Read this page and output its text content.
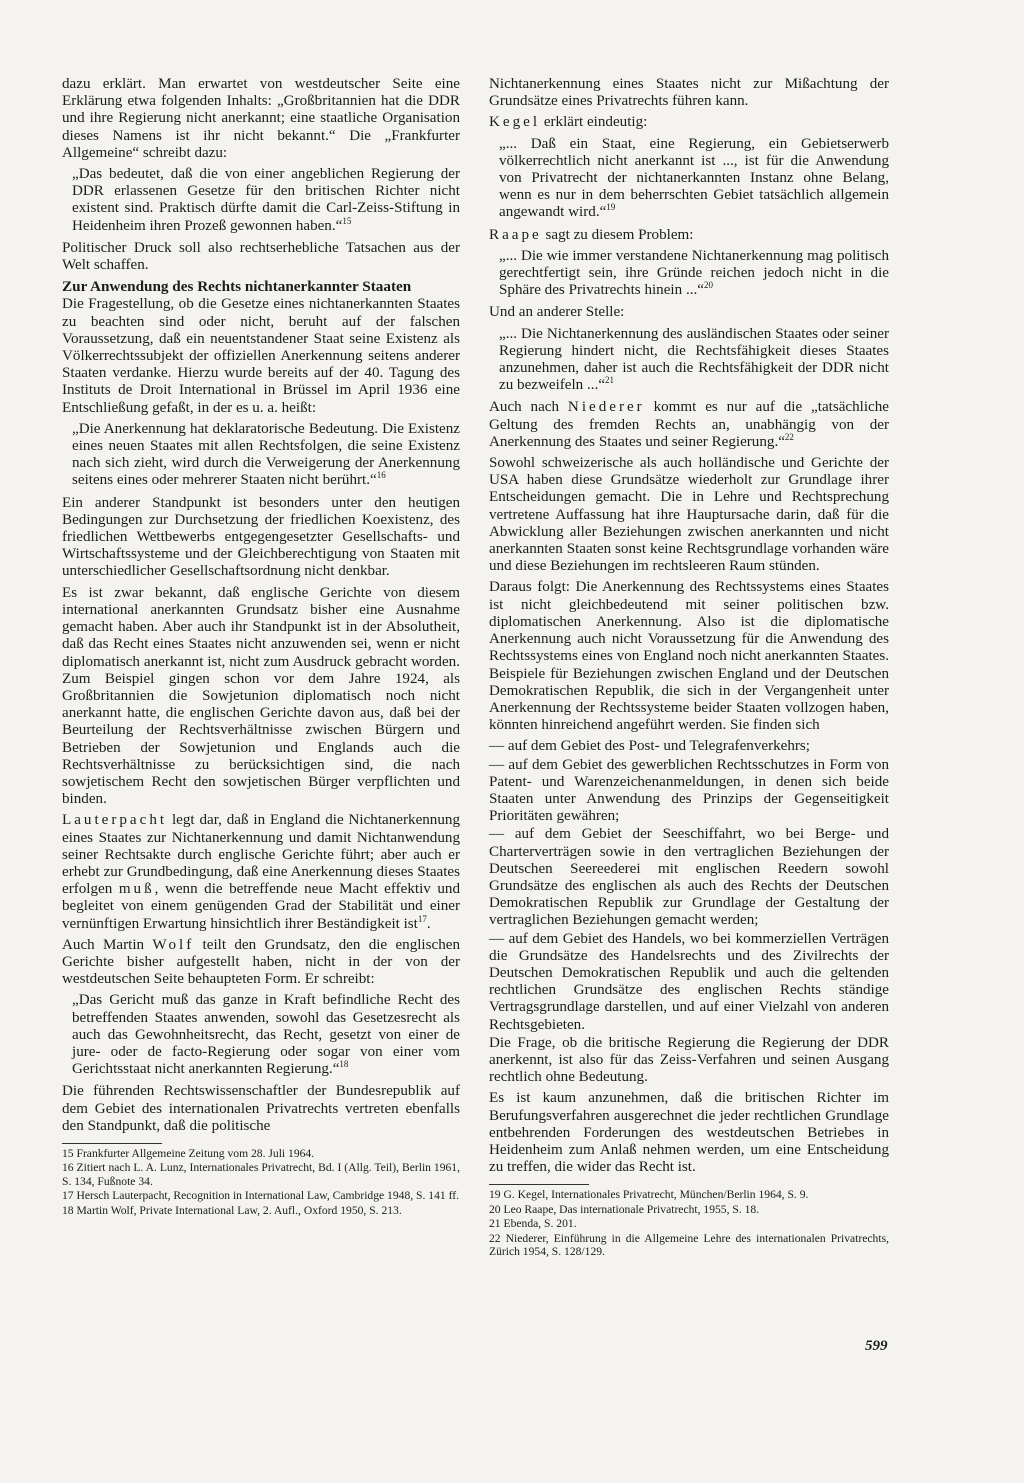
dazu erklärt. Man erwartet von westdeutscher Seite eine Erklärung etwa folgenden Inhalts: „Großbritannien hat die DDR und ihre Regierung nicht anerkannt; eine staatliche Organisation dieses Namens ist ihr nicht bekannt.“ Die „Frankfurter Allgemeine“ schreibt dazu:

„Das bedeutet, daß die von einer angeblichen Regierung der DDR erlassenen Gesetze für den britischen Richter nicht existent sind. Praktisch dürfte damit die Carl-Zeiss-Stiftung in Heidenheim ihren Prozeß gewonnen haben.“$^{15}$

Politischer Druck soll also rechtserhebliche Tatsachen aus der Welt schaffen.

Zur Anwendung des Rechts nichtanerkannter Staaten

Die Fragestellung, ob die Gesetze eines nichtanerkannten Staates zu beachten sind oder nicht, beruht auf der falschen Voraussetzung, daß ein neuentstandener Staat seine Existenz als Völkerrechtssubjekt der offiziellen Anerkennung seitens anderer Staaten verdanke. Hierzu wurde bereits auf der 40. Tagung des Instituts de Droit International in Brüssel im April 1936 eine Entschließung gefaßt, in der es u. a. heißt:

„Die Anerkennung hat deklaratorische Bedeutung. Die Existenz eines neuen Staates mit allen Rechtsfolgen, die seine Existenz nach sich zieht, wird durch die Verweigerung der Anerkennung seitens eines oder mehrerer Staaten nicht berührt.“$^{16}$

Ein anderer Standpunkt ist besonders unter den heutigen Bedingungen zur Durchsetzung der friedlichen Koexistenz, des friedlichen Wettbewerbs entgegengesetzter Gesellschafts- und Wirtschaftssysteme und der Gleichberechtigung von Staaten mit unterschiedlicher Gesellschaftsordnung nicht denkbar.

Es ist zwar bekannt, daß englische Gerichte von diesem international anerkannten Grundsatz bisher eine Ausnahme gemacht haben. Aber auch ihr Standpunkt ist in der Absolutheit, daß das Recht eines Staates nicht anzuwenden sei, wenn er nicht diplomatisch anerkannt ist, nicht zum Ausdruck gebracht worden. Zum Beispiel gingen schon vor dem Jahre 1924, als Großbritannien die Sowjetunion diplomatisch noch nicht anerkannt hatte, die englischen Gerichte davon aus, daß bei der Beurteilung der Rechtsverhältnisse zwischen Bürgern und Betrieben der Sowjetunion und Englands auch die Rechtsverhältnisse zu berücksichtigen sind, die nach sowjetischem Recht den sowjetischen Bürger verpflichten und binden.

Lauterpacht legt dar, daß in England die Nichtanerkennung eines Staates zur Nichtanerkennung und damit Nichtanwendung seiner Rechtsakte durch englische Gerichte führt; aber auch er erhebt zur Grundbedingung, daß eine Anerkennung dieses Staates erfolgen muß, wenn die betreffende neue Macht effektiv und begleitet von einem genügenden Grad der Stabilität und einer vernünftigen Erwartung hinsichtlich ihrer Beständigkeit ist$^{17}$.

Auch Martin Wolf teilt den Grundsatz, den die englischen Gerichte bisher aufgestellt haben, nicht in der von der westdeutschen Seite behaupteten Form. Er schreibt:

„Das Gericht muß das ganze in Kraft befindliche Recht des betreffenden Staates anwenden, sowohl das Gesetzesrecht als auch das Gewohnheitsrecht, das Recht, gesetzt von einer de jure- oder de facto-Regierung oder sogar von einer vom Gerichtsstaat nicht anerkannten Regierung.“$^{18}$

Die führenden Rechtswissenschaftler der Bundesrepublik auf dem Gebiet des internationalen Privatrechts vertreten ebenfalls den Standpunkt, daß die politische

15 Frankfurter Allgemeine Zeitung vom 28. Juli 1964.

16 Zitiert nach L. A. Lunz, Internationales Privatrecht, Bd. I (Allg. Teil), Berlin 1961, S. 134, Fußnote 34.

17 Hersch Lauterpacht, Recognition in International Law, Cambridge 1948, S. 141 ff.

18 Martin Wolf, Private International Law, 2. Aufl., Oxford 1950, S. 213.

Nichtanerkennung eines Staates nicht zur Mißachtung der Grundsätze eines Privatrechts führen kann.

Kegel erklärt eindeutig:

„... Daß ein Staat, eine Regierung, ein Gebietserwerb völkerrechtlich nicht anerkannt ist ..., ist für die Anwendung von Privatrecht der nichtanerkannten Instanz ohne Belang, wenn es nur in dem beherrschten Gebiet tatsächlich allgemein angewandt wird.“$^{19}$

Raape sagt zu diesem Problem:

„... Die wie immer verstandene Nichtanerkennung mag politisch gerechtfertigt sein, ihre Gründe reichen jedoch nicht in die Sphäre des Privatrechts hinein ...“$^{20}$

Und an anderer Stelle:

„... Die Nichtanerkennung des ausländischen Staates oder seiner Regierung hindert nicht, die Rechtsfähigkeit dieses Staates anzunehmen, daher ist auch die Rechtsfähigkeit der DDR nicht zu bezweifeln ...“$^{21}$

Auch nach Niederer kommt es nur auf die „tatsächliche Geltung des fremden Rechts an, unabhängig von der Anerkennung des Staates und seiner Regierung.“$^{22}$

Sowohl schweizerische als auch holländische und Gerichte der USA haben diese Grundsätze wiederholt zur Grundlage ihrer Entscheidungen gemacht. Die in Lehre und Rechtsprechung vertretene Auffassung hat ihre Hauptursache darin, daß für die Abwicklung aller Beziehungen zwischen anerkannten und nicht anerkannten Staaten sonst keine Rechtsgrundlage vorhanden wäre und diese Beziehungen im rechtsleeren Raum stünden.

Daraus folgt: Die Anerkennung des Rechtssystems eines Staates ist nicht gleichbedeutend mit seiner politischen bzw. diplomatischen Anerkennung. Also ist die diplomatische Anerkennung auch nicht Voraussetzung für die Anwendung des Rechtssystems eines von England noch nicht anerkannten Staates. Beispiele für Beziehungen zwischen England und der Deutschen Demokratischen Republik, die sich in der Vergangenheit unter Anerkennung der Rechtssysteme beider Staaten vollzogen haben, könnten hinreichend angeführt werden. Sie finden sich

— auf dem Gebiet des Post- und Telegrafenverkehrs;

— auf dem Gebiet des gewerblichen Rechtsschutzes in Form von Patent- und Warenzeichenanmeldungen, in denen sich beide Staaten unter Anwendung des Prinzips der Gegenseitigkeit Prioritäten gewähren;

— auf dem Gebiet der Seeschiffahrt, wo bei Berge- und Charterverträgen sowie in den vertraglichen Beziehungen der Deutschen Seereederei mit englischen Reedern sowohl Grundsätze des englischen als auch des Rechts der Deutschen Demokratischen Republik zur Grundlage der Gestaltung der vertraglichen Beziehungen gemacht werden;

— auf dem Gebiet des Handels, wo bei kommerziellen Verträgen die Grundsätze des Handelsrechts und des Zivilrechts der Deutschen Demokratischen Republik und auch die geltenden rechtlichen Grundsätze des englischen Rechts ständige Vertragsgrundlage darstellen, und auf einer Vielzahl von anderen Rechtsgebieten.

Die Frage, ob die britische Regierung die Regierung der DDR anerkennt, ist also für das Zeiss-Verfahren und seinen Ausgang rechtlich ohne Bedeutung.

Es ist kaum anzunehmen, daß die britischen Richter im Berufungsverfahren ausgerechnet die jeder rechtlichen Grundlage entbehrenden Forderungen des westdeutschen Betriebes in Heidenheim zum Anlaß nehmen werden, um eine Entscheidung zu treffen, die wider das Recht ist.

19 G. Kegel, Internationales Privatrecht, München/Berlin 1964, S. 9.

20 Leo Raape, Das internationale Privatrecht, 1955, S. 18.

21 Ebenda, S. 201.

22 Niederer, Einführung in die Allgemeine Lehre des internationalen Privatrechts, Zürich 1954, S. 128/129.

599
